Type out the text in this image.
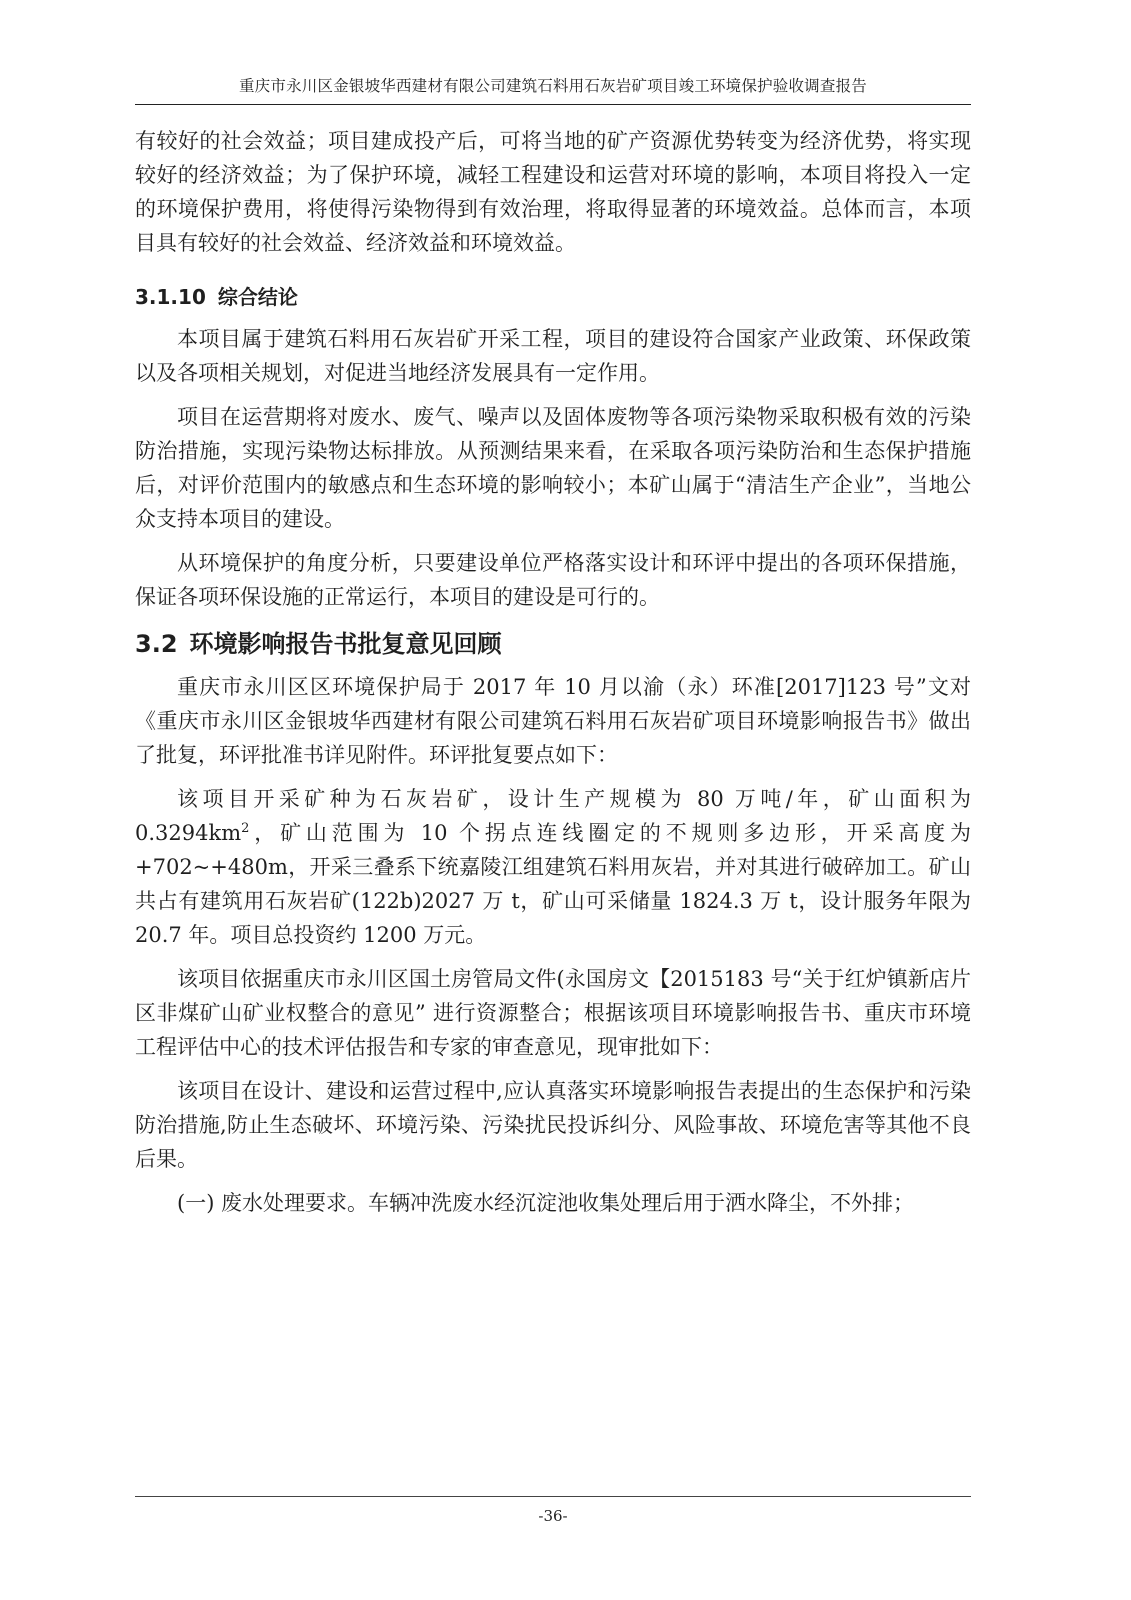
重庆市永川区金银坡华西建材有限公司建筑石料用石灰岩矿项目竣工环境保护验收调查报告

有较好的社会效益；项目建成投产后，可将当地的矿产资源优势转变为经济优势，将实现较好的经济效益；为了保护环境，减轻工程建设和运营对环境的影响，本项目将投入一定的环境保护费用，将使得污染物得到有效治理，将取得显著的环境效益。总体而言，本项目具有较好的社会效益、经济效益和环境效益。

3.1.10 综合结论

本项目属于建筑石料用石灰岩矿开采工程，项目的建设符合国家产业政策、环保政策以及各项相关规划，对促进当地经济发展具有一定作用。

项目在运营期将对废水、废气、噪声以及固体废物等各项污染物采取积极有效的污染防治措施，实现污染物达标排放。从预测结果来看，在采取各项污染防治和生态保护措施后，对评价范围内的敏感点和生态环境的影响较小；本矿山属于“清洁生产企业”，当地公众支持本项目的建设。

从环境保护的角度分析，只要建设单位严格落实设计和环评中提出的各项环保措施，保证各项环保设施的正常运行，本项目的建设是可行的。

3.2 环境影响报告书批复意见回顾

重庆市永川区区环境保护局于 2017 年 10 月以渝（永）环准[2017]123 号”文对《重庆市永川区金银坡华西建材有限公司建筑石料用石灰岩矿项目环境影响报告书》做出了批复，环评批准书详见附件。环评批复要点如下：

该项目开采矿种为石灰岩矿，设计生产规模为 80 万吨/年，矿山面积为 $0.3294km^2$，矿山范围为 10 个拐点连线圈定的不规则多边形，开采高度为+702~+480m，开采三叠系下统嘉陵江组建筑石料用灰岩，并对其进行破碎加工。矿山共占有建筑用石灰岩矿(122b)2027 万 t，矿山可采储量 1824.3 万 t，设计服务年限为 20.7 年。项目总投资约 1200 万元。

该项目依据重庆市永川区国土房管局文件(永国房文【2015183 号“关于红炉镇新店片区非煤矿山矿业权整合的意见” 进行资源整合；根据该项目环境影响报告书、重庆市环境工程评估中心的技术评估报告和专家的审查意见，现审批如下：

该项目在设计、建设和运营过程中,应认真落实环境影响报告表提出的生态保护和污染防治措施,防止生态破坏、环境污染、污染扰民投诉纠分、风险事故、环境危害等其他不良后果。

(一) 废水处理要求。车辆冲洗废水经沉淀池收集处理后用于洒水降尘，不外排；

-36-
